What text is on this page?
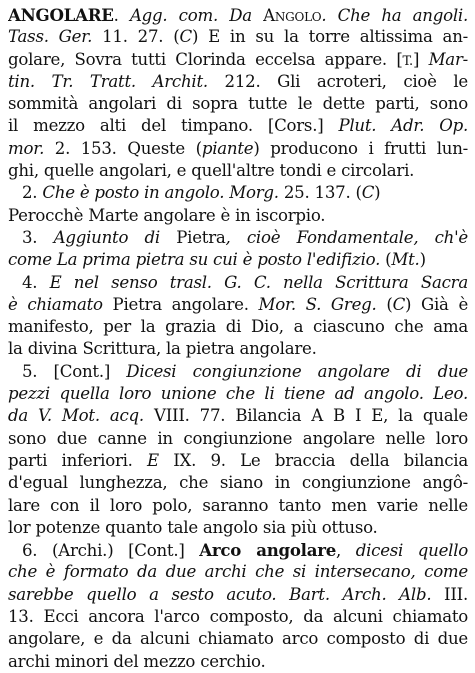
ANGOLARE. Agg. com. Da Angolo. Che ha angoli.
Tass. Ger. 11. 27. (C) E in su la torre altissima an-
golare, Sovra tutti Clorinda eccelsa appare. [T.] Mar-
tin. Tr. Tratt. Archit. 212. Gli acroteri, cioè le
sommità angolari di sopra tutte le dette parti, sono
il mezzo alti del timpano. [Cors.] Plut. Adr. Op.
mor. 2. 153. Queste (piante) producono i frutti lun-
ghi, quelle angolari, e quell'altre tondi e circolari.
2. Che è posto in angolo. Morg. 25. 137. (C)
Perocchè Marte angolare è in iscorpio.
3. Aggiunto di Pietra, cioè Fondamentale, ch'è
come La prima pietra su cui è posto l'edifizio. (Mt.)
4. E nel senso trasl. G. C. nella Scrittura Sacra
è chiamato Pietra angolare. Mor. S. Greg. (C) Già è
manifesto, per la grazia di Dio, a ciascuno che ama
la divina Scrittura, la pietra angolare.
5. [Cont.] Dicesi congiunzione angolare di due
pezzi quella loro unione che li tiene ad angolo. Leo.
da V. Mot. acq. VIII. 77. Bilancia A B I E, la quale
sono due canne in congiunzione angolare nelle loro
parti inferiori. E IX. 9. Le braccia della bilancia
d'egual lunghezza, che siano in congiunzione angô-
lare con il loro polo, saranno tanto men varie nelle
lor potenze quanto tale angolo sia più ottuso.
6. (Archi.) [Cont.] Arco angolare, dicesi quello
che è formato da due archi che si intersecano, come
sarebbe quello a sesto acuto. Bart. Arch. Alb. III.
13. Ecci ancora l'arco composto, da alcuni chiamato
angolare, e da alcuni chiamato arco composto di due
archi minori del mezzo cerchio.
